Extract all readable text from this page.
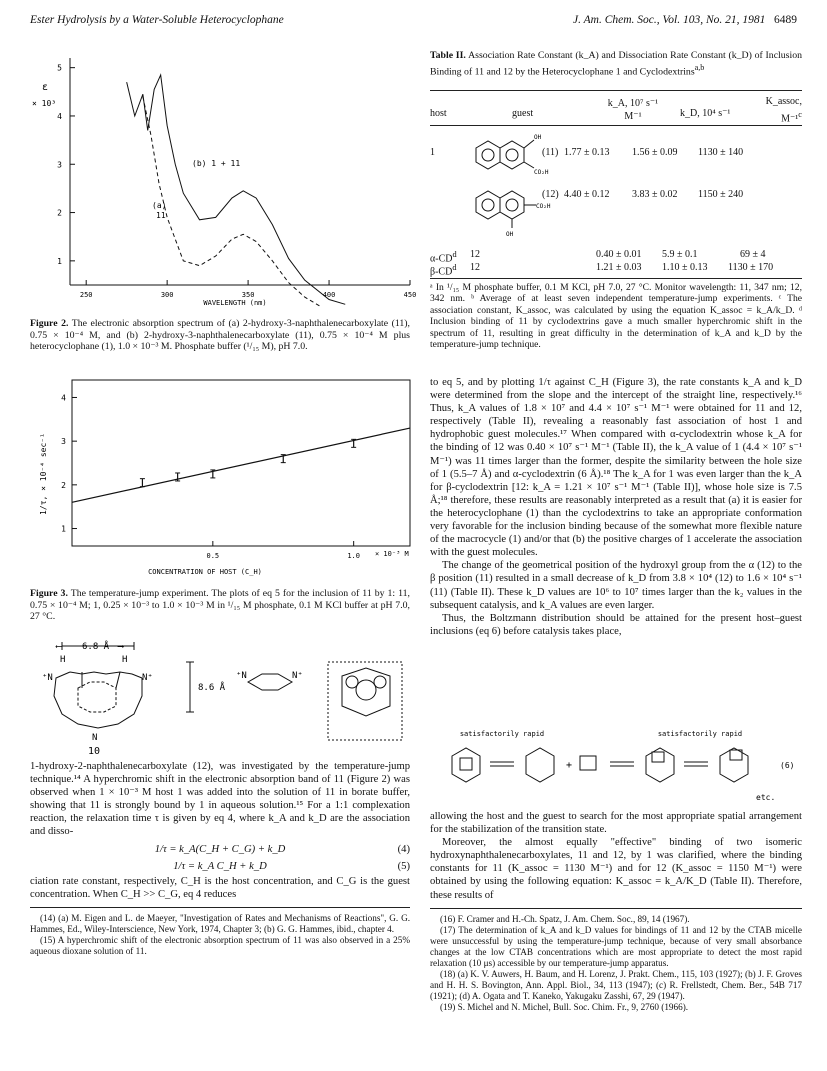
Ester Hydrolysis by a Water-Soluble Heterocyclophane	J. Am. Chem. Soc., Vol. 103, No. 21, 1981 6489
1
2
3
4
5
250	300	350	400	450
ε
× 10³
(b) 1 + 11
(a)
11
WAVELENGTH (nm)
Figure 2. The electronic absorption spectrum of (a) 2-hydroxy-3-naphthalenecarboxylate (11), 0.75 × 10⁻⁴ M, and (b) 2-hydroxy-3-naphthalenecarboxylate (11), 0.75 × 10⁻⁴ M plus heterocyclophane (1), 1.0 × 10⁻³ M. Phosphate buffer (¹/₁₅ M), pH 7.0.
1
2
3
4
0.5	1.0
1/τ, × 10⁻⁴ sec⁻¹
× 10⁻³ M
CONCENTRATION OF HOST (C_H)
Figure 3. The temperature-jump experiment. The plots of eq 5 for the inclusion of 11 by 1: 11, 0.75 × 10⁻⁴ M; 1, 0.25 × 10⁻³ to 1.0 × 10⁻³ M in ¹/₁₅ M phosphate, 0.1 M KCl buffer at pH 7.0, 27 °C.
⟵ 6.8 Å ⟶
H	H
⁺N	N⁺
N
8.6 Å
⁺N	N⁺
10

1-hydroxy-2-naphthalenecarboxylate (12), was investigated by the temperature-jump technique.¹⁴ A hyperchromic shift in the electronic absorption band of 11 (Figure 2) was observed when 1 × 10⁻³ M host 1 was added into the solution of 11 in borate buffer, showing that 11 is strongly bound by 1 in aqueous solution.¹⁵ For a 1:1 complexation reaction, the relaxation time τ is given by eq 4, where k_A and k_D are the association and disso-

1/τ = k_A(C_H + C_G) + k_D	(4)
1/τ = k_A C_H + k_D	(5)

ciation rate constant, respectively, C_H is the host concentration, and C_G is the guest concentration. When C_H >> C_G, eq 4 reduces

(14) (a) M. Eigen and L. de Maeyer, "Investigation of Rates and Mechanisms of Reactions", G. G. Hammes, Ed., Wiley-Interscience, New York, 1974, Chapter 3; (b) G. G. Hammes, ibid., chapter 4.

(15) A hyperchromic shift of the electronic absorption spectrum of 11 was also observed in a 25% aqueous dioxane solution of 11.

Table II. Association Rate Constant (k_A) and Dissociation Rate Constant (k_D) of Inclusion Binding of 11 and 12 by the Heterocyclophane 1 and Cyclodextrins$^{a,b}$
host	guest
k_A, 10⁷ s⁻¹ M⁻¹	k_D, 10⁴ s⁻¹
K_assoc, M⁻¹$^c$
OH
CO₂H
CO₂H
OH
1	(11) 1.77 ± 0.13 1.56 ± 0.09 1130 ± 140
(12) 4.40 ± 0.12 3.83 ± 0.02 1150 ± 240
$\alpha-CD^d$ 12	0.40 ± 0.01 5.9 ± 0.1	69 ± 4
$\beta-CD^d$ 12	1.21 ± 0.03 1.10 ± 0.13 1130 ± 170
ᵃ In ¹/₁₅ M phosphate buffer, 0.1 M KCl, pH 7.0, 27 °C. Monitor wavelength: 11, 347 nm; 12, 342 nm. ᵇ Average of at least seven independent temperature-jump experiments. ᶜ The association constant, K_assoc, was calculated by using the equation K_assoc = k_A/k_D. ᵈ Inclusion binding of 11 by cyclodextrins gave a much smaller hyperchromic shift in the spectrum of 11, resulting in great difficulty in the determination of k_A and k_D by the temperature-jump technique.

to eq 5, and by plotting 1/τ against C_H (Figure 3), the rate constants k_A and k_D were determined from the slope and the intercept of the straight line, respectively.¹⁶ Thus, k_A values of 1.8 × 10⁷ and 4.4 × 10⁷ s⁻¹ M⁻¹ were obtained for 11 and 12, respectively (Table II), revealing a reasonably fast association of host 1 and hydrophobic guest molecules.¹⁷ When compared with α-cyclodextrin whose k_A for the binding of 12 was 0.40 × 10⁷ s⁻¹ M⁻¹ (Table II), the k_A value of 1 (4.4 × 10⁷ s⁻¹ M⁻¹) was 11 times larger than the former, despite the similarity between the hole size of 1 (5.5–7 Å) and α-cyclodextrin (6 Å).¹⁸ The k_A for 1 was even larger than the k_A for β-cyclodextrin [12: k_A = 1.21 × 10⁷ s⁻¹ M⁻¹ (Table II)], whose hole size is 7.5 Å;¹⁸ therefore, these results are reasonably interpreted as a result that (a) it is easier for the heterocyclophane (1) than the cyclodextrins to take an appropriate conformation very favorable for the inclusion binding because of the somewhat more flexible nature of the macrocycle (1) and/or that (b) the positive charges of 1 accelerate the association with the guest molecules.

The change of the geometrical position of the hydroxyl group from the α (12) to the β position (11) resulted in a small decrease of k_D from 3.8 × 10⁴ (12) to 1.6 × 10⁴ s⁻¹ (11) (Table II). These k_D values are 10⁶ to 10⁷ times larger than the k₂ values in the subsequent catalysis, and k_A values are even larger.

Thus, the Boltzmann distribution should be attained for the present host–guest inclusions (eq 6) before catalysis takes place,

satisfactorily rapid	satisfactorily rapid
+	(6)
etc.

allowing the host and the guest to search for the most appropriate spatial arrangement for the stabilization of the transition state.

Moreover, the almost equally "effective" binding of two isomeric hydroxynaphthalenecarboxylates, 11 and 12, by 1 was clarified, where the binding constants for 11 (K_assoc = 1130 M⁻¹) and for 12 (K_assoc = 1150 M⁻¹) were obtained by using the following equation: K_assoc = k_A/K_D (Table II). Therefore, these results of

(16) F. Cramer and H.-Ch. Spatz, J. Am. Chem. Soc., 89, 14 (1967).

(17) The determination of k_A and k_D values for bindings of 11 and 12 by the CTAB micelle were unsuccessful by using the temperature-jump technique, because of very small absorbance changes at the low CTAB concentrations which are most appropriate to detect the most rapid relaxation (10 μs) accessible by our temperature-jump apparatus.

(18) (a) K. V. Auwers, H. Baum, and H. Lorenz, J. Prakt. Chem., 115, 103 (1927); (b) J. F. Groves and H. H. S. Bovington, Ann. Appl. Biol., 34, 113 (1947); (c) R. Frellstedt, Chem. Ber., 54B 717 (1921); (d) A. Ogata and T. Kaneko, Yakugaku Zasshi, 67, 29 (1947).

(19) S. Michel and N. Michel, Bull. Soc. Chim. Fr., 9, 2760 (1966).
